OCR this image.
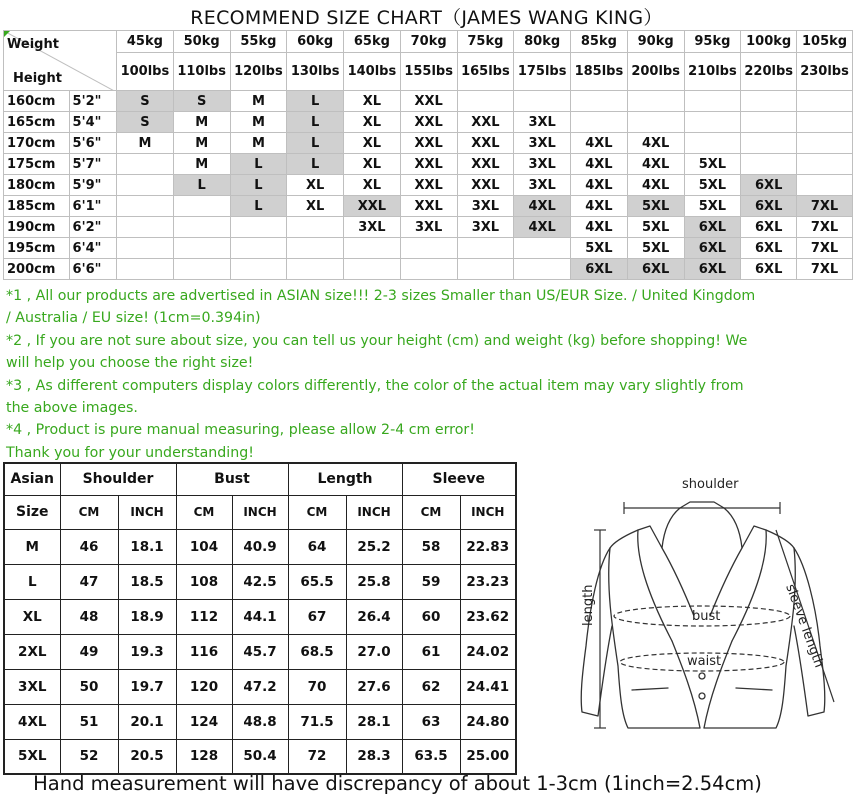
RECOMMEND SIZE CHART（JAMES WANG KING）
Weight
Height		45kg	50kg	55kg	60kg	65kg	70kg	75kg	80kg	85kg	90kg	95kg	100kg	105kg
		100lbs	110lbs	120lbs	130lbs	140lbs	155lbs	165lbs	175lbs	185lbs	200lbs	210lbs	220lbs	230lbs
160cm	5'2"	S	S	M	L	XL	XXL							
165cm	5'4"	S	M	M	L	XL	XXL	XXL	3XL					
170cm	5'6"	M	M	M	L	XL	XXL	XXL	3XL	4XL	4XL			
175cm	5'7"		M	L	L	XL	XXL	XXL	3XL	4XL	4XL	5XL		
180cm	5'9"		L	L	XL	XL	XXL	XXL	3XL	4XL	4XL	5XL	6XL	
185cm	6'1"			L	XL	XXL	XXL	3XL	4XL	4XL	5XL	5XL	6XL	7XL
190cm	6'2"					3XL	3XL	3XL	4XL	4XL	5XL	6XL	6XL	7XL
195cm	6'4"									5XL	5XL	6XL	6XL	7XL
200cm	6'6"									6XL	6XL	6XL	6XL	7XL
*1 , All our products are advertised in ASIAN size!!! 2-3 sizes Smaller than US/EUR Size. / United Kingdom
/ Australia / EU size! (1cm=0.394in)
*2 , If you are not sure about size, you can tell us your height (cm) and weight (kg) before shopping! We
will help you choose the right size!
*3 , As different computers display colors differently, the color of the actual item may vary slightly from
the above images.
*4 , Product is pure manual measuring, please allow 2-4 cm error!
Thank you for your understanding!
Asian	Shoulder		Bust		Length		Sleeve	
Size	CM	INCH	CM	INCH	CM	INCH	CM	INCH
M	46	18.1	104	40.9	64	25.2	58	22.83
L	47	18.5	108	42.5	65.5	25.8	59	23.23
XL	48	18.9	112	44.1	67	26.4	60	23.62
2XL	49	19.3	116	45.7	68.5	27.0	61	24.02
3XL	50	19.7	120	47.2	70	27.6	62	24.41
4XL	51	20.1	124	48.8	71.5	28.1	63	24.80
5XL	52	20.5	128	50.4	72	28.3	63.5	25.00
shoulder
length	bust
waist	sleeve length
Hand measurement will have discrepancy of about 1-3cm (1inch=2.54cm)
